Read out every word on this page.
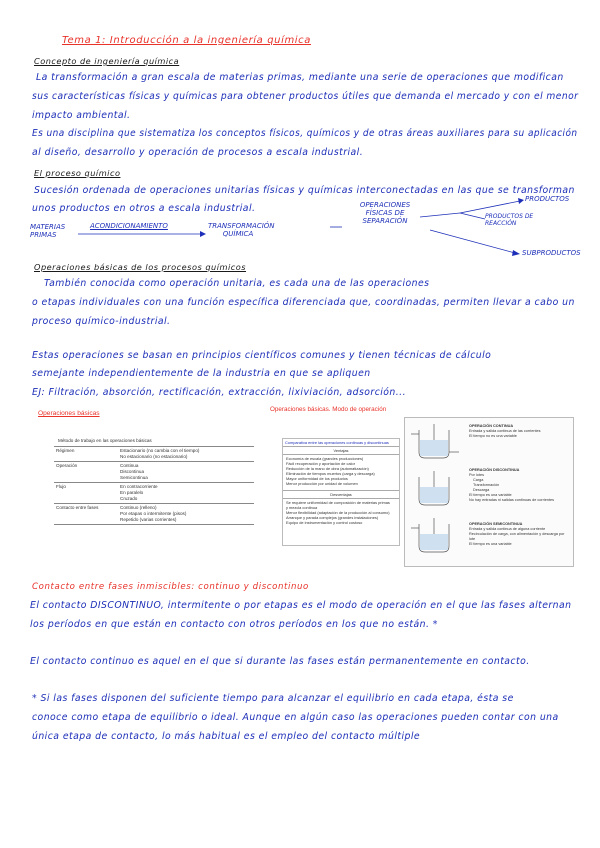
Tema 1: Introducción a la ingeniería química
Concepto de ingeniería química
La transformación a gran escala de materias primas, mediante una serie de operaciones que modifican
sus características físicas y químicas para obtener productos útiles que demanda el mercado y con el menor
impacto ambiental.
Es una disciplina que sistematiza los conceptos físicos, químicos y de otras áreas auxiliares para su aplicación
al diseño, desarrollo y operación de procesos a escala industrial.
El proceso químico
Sucesión ordenada de operaciones unitarias físicas y químicas interconectadas en las que se transforman
unos productos en otros a escala industrial.
MATERIAS PRIMAS
ACONDICIONAMIENTO	TRANSFORMACIÓN QUÍMICA
OPERACIONES FÍSICAS DE SEPARACIÓN
PRODUCTOS
PRODUCTOS DE REACCIÓN
SUBPRODUCTOS
Operaciones básicas de los procesos químicos
También conocida como operación unitaria, es cada una de las operaciones
o etapas individuales con una función específica diferenciada que, coordinadas, permiten llevar a cabo un
proceso químico-industrial.
Estas operaciones se basan en principios científicos comunes y tienen técnicas de cálculo
semejante independientemente de la industria en que se apliquen
EJ: Filtración, absorción, rectificación, extracción, lixiviación, adsorción...
Operaciones básicas
Método de trabajo en las operaciones básicas
Régimen	Estacionario (no cambia con el tiempo)
No estacionario (no estacionario)
Operación	Continua
Discontinua
Semicontinua
Flujo	En contracorriente
En paralelo
Cruzado
Contacto entre fases	Continuo (relleno)
Por etapas o intermitente (pisos)
Repetido (varias corrientes)
Operaciones básicas. Modo de operación
Comparativa entre las operaciones continuas y discontinuas
Ventajas
Economía de escala (grandes producciones)
Fácil recuperación y aportación de calor
Reducción de la mano de obra (automatización)
Eliminación de tiempos muertos (carga y descarga)
Mayor uniformidad de los productos
Menor producción por unidad de volumen
Desventajas
Se requiere uniformidad de composición de materias primas
y mezcla continua
Menor flexibilidad (adaptación de la producción al consumo)
Arranque y parada complejos (grandes instalaciones)
Equipo de instrumentación y control costoso
OPERACIÓN CONTINUA
Entrada y salida continua de las corrientes
El tiempo no es una variable
OPERACIÓN DISCONTINUA
Por lotes
Carga
Transformación
Descarga
El tiempo es una variable
No hay entradas ni salidas continuas de corrientes
OPERACIÓN SEMICONTINUA
Entrada y salida continua de alguna corriente
Recirculación de carga, con alimentación y descarga por lote
El tiempo es una variable
Contacto entre fases inmiscibles: continuo y discontinuo
El contacto DISCONTINUO, intermitente o por etapas es el modo de operación en el que las fases alternan
los períodos en que están en contacto con otros períodos en los que no están. *
El contacto continuo es aquel en el que si durante las fases están permanentemente en contacto.
* Si las fases disponen del suficiente tiempo para alcanzar el equilibrio en cada etapa, ésta se
conoce como etapa de equilibrio o ideal. Aunque en algún caso las operaciones pueden contar con una
única etapa de contacto, lo más habitual es el empleo del contacto múltiple
